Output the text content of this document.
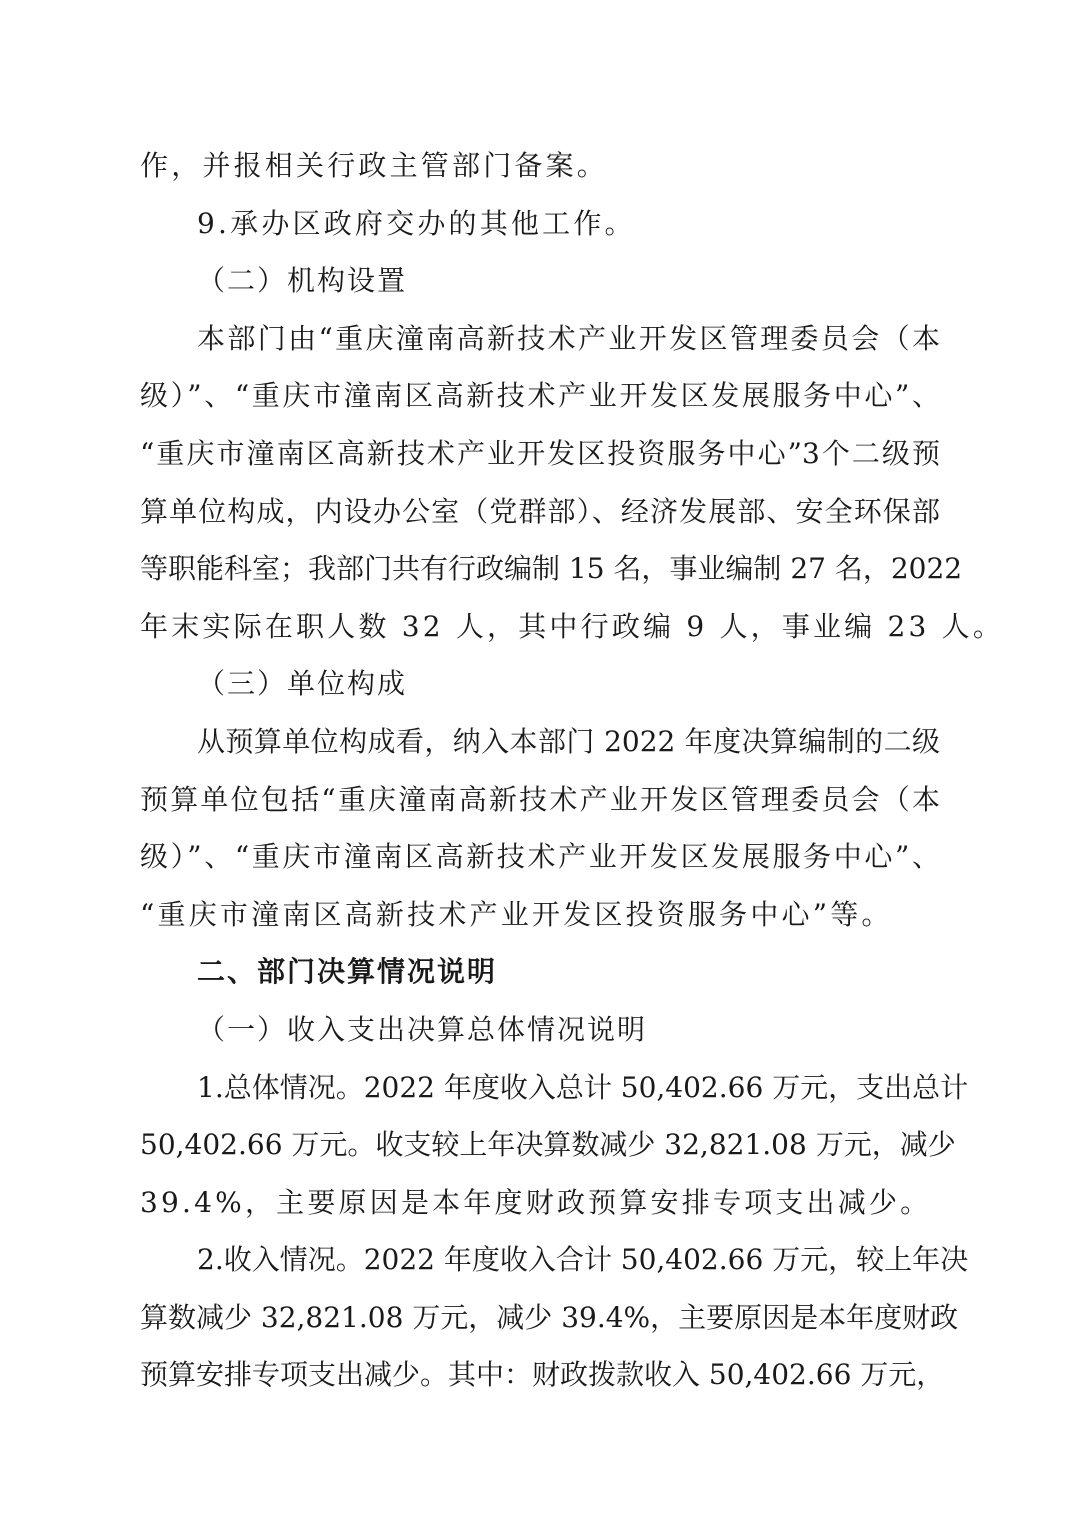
作，并报相关行政主管部门备案。
9.承办区政府交办的其他工作。
（二）机构设置
本部门由“重庆潼南高新技术产业开发区管理委员会（本
级）”、“重庆市潼南区高新技术产业开发区发展服务中心”、
“重庆市潼南区高新技术产业开发区投资服务中心”3个二级预
算单位构成，内设办公室（党群部）、经济发展部、安全环保部
等职能科室；我部门共有行政编制 15 名，事业编制 27 名，2022
年末实际在职人数 32 人，其中行政编 9 人，事业编 23 人。
（三）单位构成
从预算单位构成看，纳入本部门 2022 年度决算编制的二级
预算单位包括“重庆潼南高新技术产业开发区管理委员会（本
级）”、“重庆市潼南区高新技术产业开发区发展服务中心”、
“重庆市潼南区高新技术产业开发区投资服务中心”等。
二、部门决算情况说明
（一）收入支出决算总体情况说明
1.总体情况。2022 年度收入总计 50,402.66 万元，支出总计
50,402.66 万元。收支较上年决算数减少 32,821.08 万元，减少
39.4%，主要原因是本年度财政预算安排专项支出减少。
2.收入情况。2022 年度收入合计 50,402.66 万元，较上年决
算数减少 32,821.08 万元，减少 39.4%，主要原因是本年度财政
预算安排专项支出减少。其中：财政拨款收入 50,402.66 万元，
